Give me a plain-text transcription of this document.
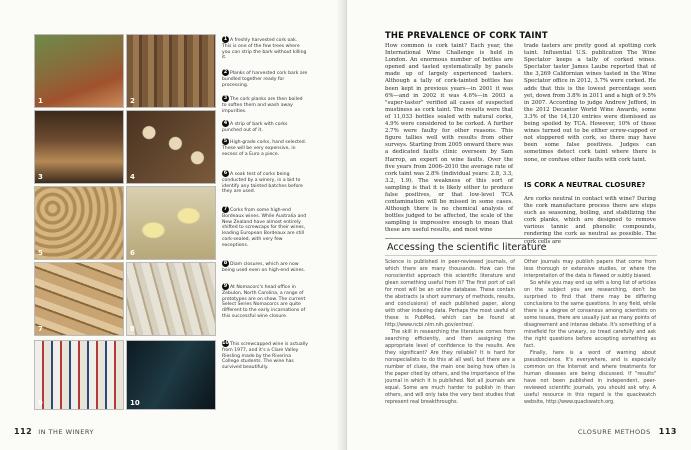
1	2
3	4
5	6
7	8
9	10
1 A freshly harvested cork oak. This is one of the few trees where you can strip the bark without killing it.
2 Planks of harvested cork bark are bundled together ready for processing.
3 The cork planks are then boiled to soften them and wash away impurities.
4 A strip of bark with corks punched out of it.
5 High-grade corks, hand selected. These will be very expensive, in excess of a Euro a piece.
6 A soak test of corks being conducted by a winery, in a bid to identify any tainted batches before they are used.
7 Corks from some high-end Bordeaux wines. While Australia and New Zealand have almost entirely shifted to screwcaps for their wines, leading European Bordeaux are still cork-sealed, with very few exceptions.
8 Diam closures, which are now being used even on high-end wines.
9 At Nomacorc's head office in Zebulon, North Carolina, a range of prototypes are on show. The current Select Series Nomacorcs are quite different to the early incarnations of this successful wine closure.
10This screwcapped wine is actually from 1977, and it's a Clare Valley Riesling made by the Riverina College students. The wine has survived beautifully.
112 IN THE WINERY
THE PREVALENCE OF CORK TAINT

How common is cork taint? Each year, the International Wine Challenge is held in London. An enormous number of bottles are opened and tasted systematically by panels made up of largely experienced tasters. Although a tally of cork-tainted bottles has been kept in previous years—in 2001 it was 6%—and in 2002 it was 4.6%—in 2003 a "super-taster" verified all cases of suspected mustiness as cork taint. The results were that of 11,033 bottles sealed with natural corks, 4.9% were considered to be corked. A further 2.7% were faulty for other reasons. This figure tallies well with results from other surveys. Starting from 2005 onward there was a dedicated faults clinic overseen by Sam Harrop, an expert on wine faults. Over the five years from 2006–2010 the average rate of cork taint was 2.8% (individual years: 2.8, 3.3, 3.2, 1.9). The weakness of this sort of sampling is that it is likely either to produce false positives, or that low-level TCA contamination will be missed in some cases. Although there is no chemical analysis of bottles judged to be affected, the scale of the sampling is impressive enough to mean that these are useful results, and most wine

trade tasters are pretty good at spotting cork taint. Influential U.S. publication The Wine Spectator keeps a tally of corked wines. Spectator taster James Laube reported that of the 3,269 Californian wines tasted in the Wine Spectator office in 2012, 3.7% were corked. He adds that this is the lowest percentage seen yet, down from 3.8% in 2011 and a high of 9.5% in 2007. According to judge Andrew Jefford, in the 2012 Decanter World Wine Awards, some 3.3% of the 14,120 entries were dismissed as being spoiled by TCA. However, 10% of those wines turned out to be either screw-capped or not stoppered with cork, so there may have been some false positives. Judges can sometimes detect cork taint where there is none, or confuse other faults with cork taint.

IS CORK A NEUTRAL CLOSURE?

Are corks neutral in contact with wine? During the cork manufacture process there are steps such as seasoning, boiling, and stabilizing the cork planks, which are designed to remove various tannic and phenolic compounds, rendering the cork as neutral as possible. The cork cells are

Accessing the scientific literature

Science is published in peer-reviewed journals, of which there are many thousands. How can the nonscientist approach this scientific literature and glean something useful from it? The first port of call for most will be an online database. These contain the abstracts (a short summary of methods, results, and conclusions) of each published paper, along with other indexing data. Perhaps the most useful of these is PubMed, which can be found at http://www.ncbi.nlm.nih.gov/entrez/.

The skill in researching the literature comes from searching efficiently, and then assigning the appropriate level of confidence to the results. Are they significant? Are they reliable? It is hard for nonspecialists to do this at all well, but there are a number of clues, the main one being how often is the paper cited by others, and the importance of the journal in which it is published. Not all journals are equal. Some are much harder to publish in than others, and will only take the very best studies that represent real breakthroughs.

Other journals may publish papers that come from less thorough or extensive studies, or where the interpretation of the data is flawed or subtly biased.

So while you may end up with a long list of articles on the subject you are researching, don't be surprised to find that there may be differing conclusions to the same questions. In any field, while there is a degree of consensus among scientists on some issues, there are usually just as many points of disagreement and intense debate. It's something of a minefield for the unwary, so tread carefully and ask the right questions before accepting something as fact.

Finally, here is a word of warning about pseudoscience. It's everywhere, and is especially common on the Internet and where treatments for human diseases are being discussed. If "results" have not been published in independent, peer-reviewed scientific journals, you should ask why. A useful resource in this regard is the quackwatch website, http://www.quackwatch.org.

CLOSURE METHODS 113
